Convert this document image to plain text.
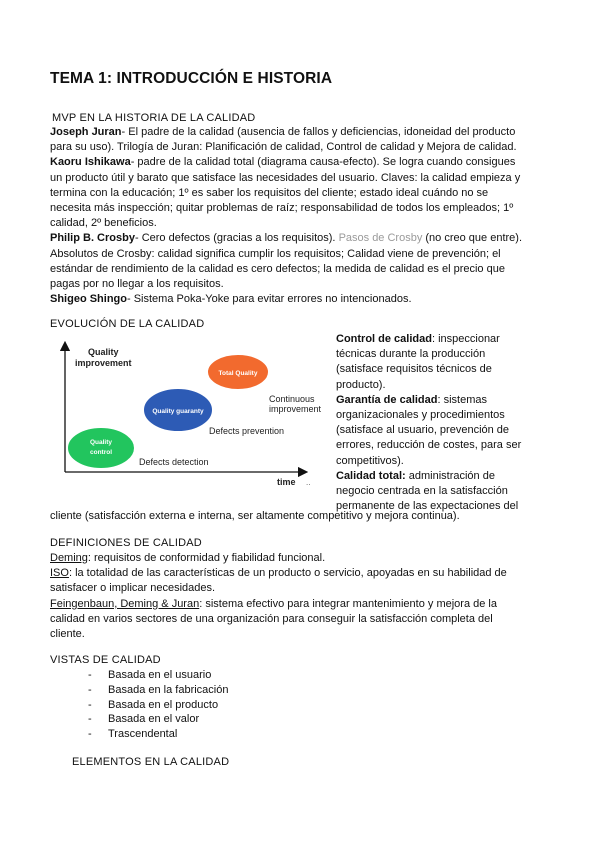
TEMA 1: INTRODUCCIÓN E HISTORIA
MVP EN LA HISTORIA DE LA CALIDAD

Joseph Juran- El padre de la calidad (ausencia de fallos y deficiencias, idoneidad del producto para su uso). Trilogía de Juran: Planificación de calidad, Control de calidad y Mejora de calidad.

Kaoru Ishikawa- padre de la calidad total (diagrama causa-efecto). Se logra cuando consigues un producto útil y barato que satisface las necesidades del usuario. Claves: la calidad empieza y termina con la educación; 1º es saber los requisitos del cliente; estado ideal cuándo no se necesita más inspección; quitar problemas de raíz; responsabilidad de todos los empleados; 1º calidad, 2º beneficios.

Philip B. Crosby- Cero defectos (gracias a los requisitos). Pasos de Crosby (no creo que entre). Absolutos de Crosby: calidad significa cumplir los requisitos; Calidad viene de prevención; el estándar de rendimiento de la calidad es cero defectos; la medida de calidad es el precio que pagas por no llegar a los requisitos.

Shigeo Shingo- Sistema Poka-Yoke para evitar errores no intencionados.

EVOLUCIÓN DE LA CALIDAD
Quality
improvement
time ..
Quality
control
Defects detection
Quality guaranty
Defects prevention
Total Quality
Continuous
improvement

Control de calidad: inspeccionar técnicas durante la producción (satisface requisitos técnicos de producto).

Garantía de calidad: sistemas organizacionales y procedimientos (satisface al usuario, prevención de errores, reducción de costes, para ser competitivos).

Calidad total: administración de negocio centrada en la satisfacción permanente de las expectaciones del

cliente (satisfacción externa e interna, ser altamente competitivo y mejora continua).
DEFINICIONES DE CALIDAD

Deming: requisitos de conformidad y fiabilidad funcional.

ISO: la totalidad de las características de un producto o servicio, apoyadas en su habilidad de satisfacer o implicar necesidades.

Feingenbaun, Deming & Juran: sistema efectivo para integrar mantenimiento y mejora de la calidad en varios sectores de una organización para conseguir la satisfacción completa del cliente.

VISTAS DE CALIDAD
- Basada en el usuario
- Basada en la fabricación
- Basada en el producto
- Basada en el valor
- Trascendental
ELEMENTOS EN LA CALIDAD
